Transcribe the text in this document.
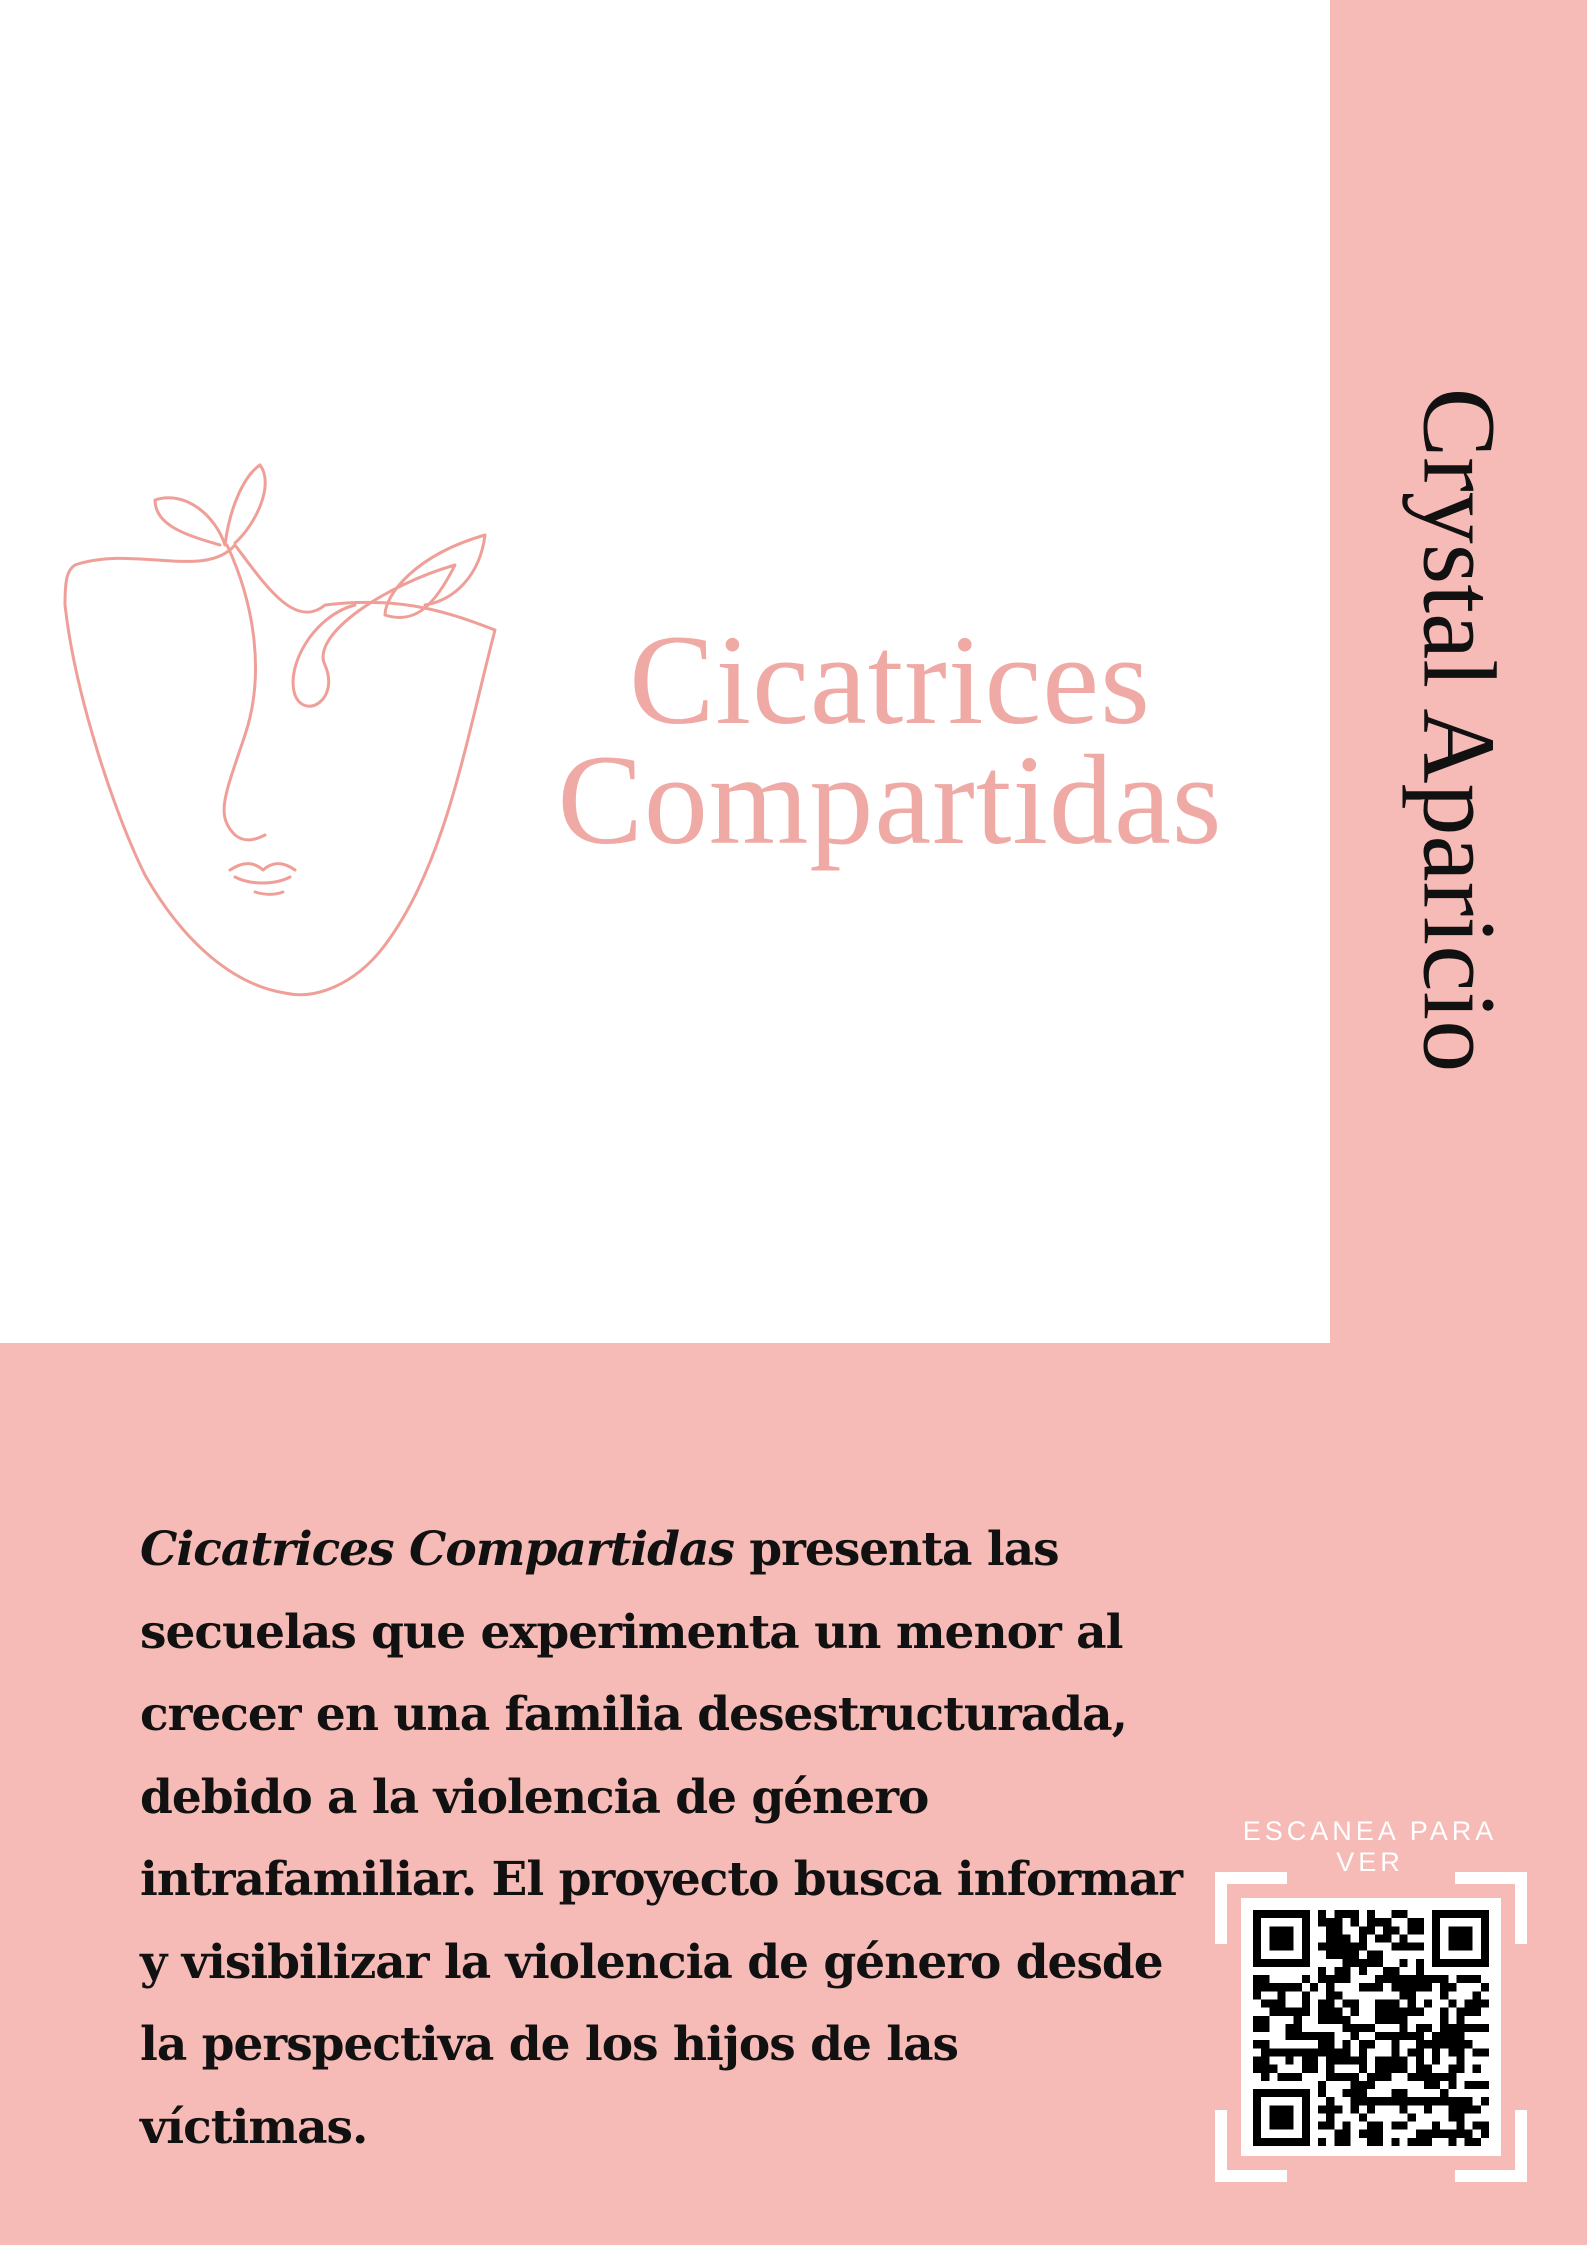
Cicatrices
Compartidas	Crystal Aparicio

Cicatrices Compartidas presenta las secuelas que experimenta un menor al crecer en una familia desestructurada, debido a la violencia de género intrafamiliar. El proyecto busca informar y visibilizar la violencia de género desde la perspectiva de los hijos de las víctimas.

ESCANEA PARA VER
